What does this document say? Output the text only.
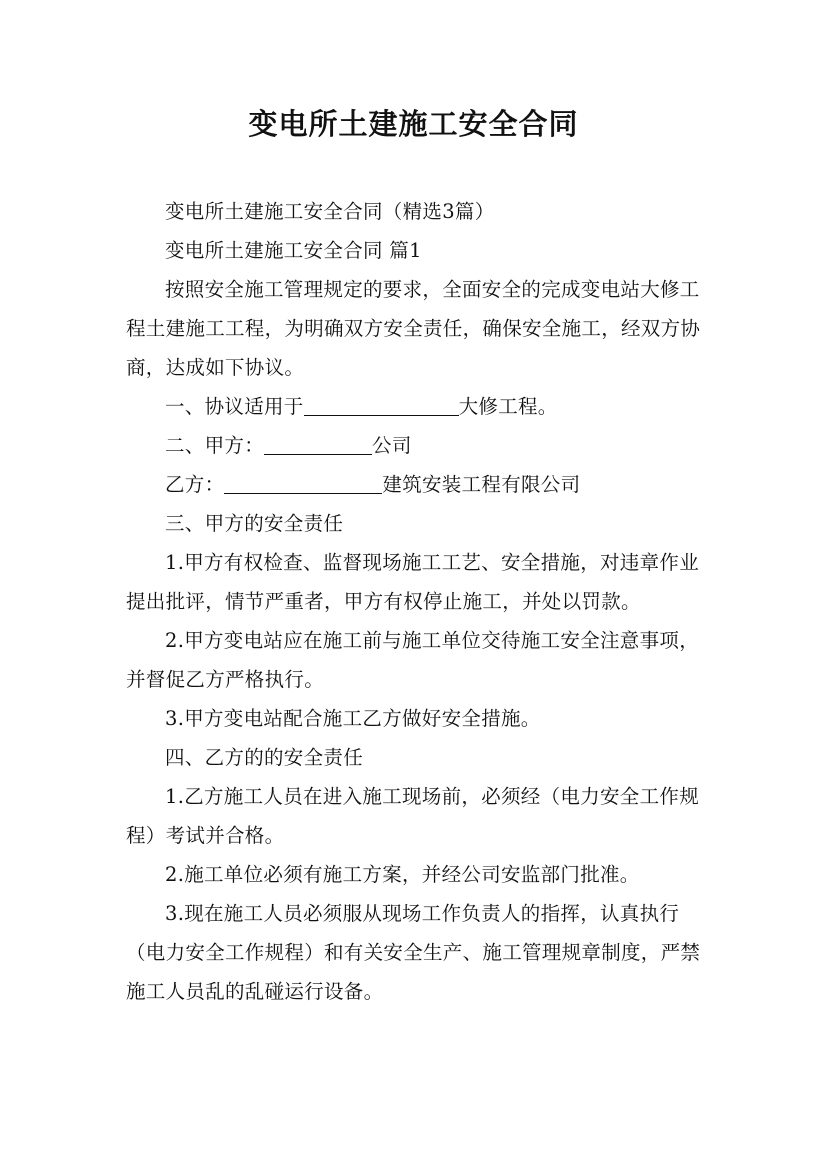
变电所土建施工安全合同

变电所土建施工安全合同（精选3篇）

变电所土建施工安全合同 篇1

按照安全施工管理规定的要求，全面安全的完成变电站大修工程土建施工工程，为明确双方安全责任，确保安全施工，经双方协商，达成如下协议。

一、协议适用于	大修工程。

二、甲方：	公司

乙方：	建筑安装工程有限公司

三、甲方的安全责任

1.甲方有权检查、监督现场施工工艺、安全措施，对违章作业提出批评，情节严重者，甲方有权停止施工，并处以罚款。

2.甲方变电站应在施工前与施工单位交待施工安全注意事项，并督促乙方严格执行。

3.甲方变电站配合施工乙方做好安全措施。

四、乙方的的安全责任

1.乙方施工人员在进入施工现场前，必须经（电力安全工作规程）考试并合格。

2.施工单位必须有施工方案，并经公司安监部门批准。

3.现在施工人员必须服从现场工作负责人的指挥，认真执行（电力安全工作规程）和有关安全生产、施工管理规章制度，严禁施工人员乱的乱碰运行设备。
